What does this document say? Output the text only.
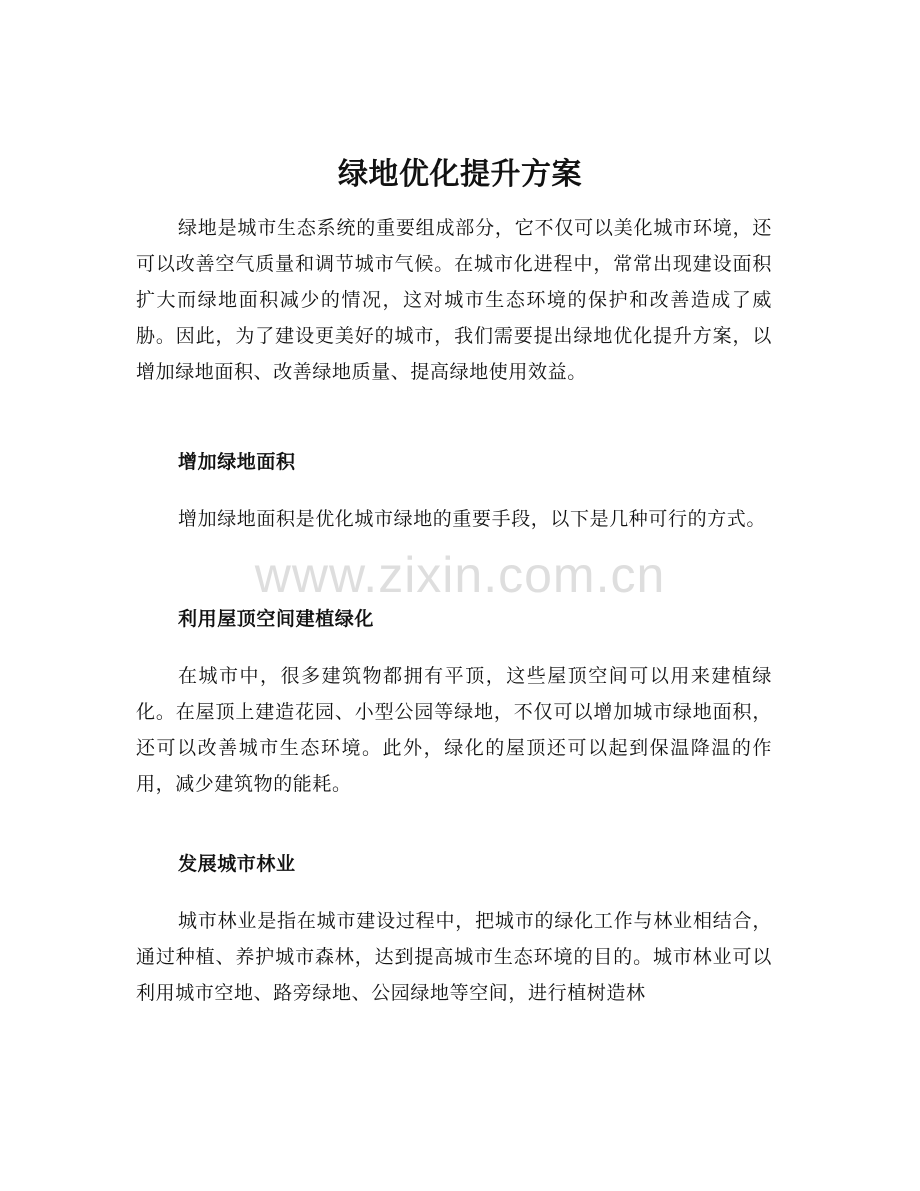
绿地优化提升方案

绿地是城市生态系统的重要组成部分，它不仅可以美化城市环境，还可以改善空气质量和调节城市气候。在城市化进程中，常常出现建设面积扩大而绿地面积减少的情况，这对城市生态环境的保护和改善造成了威胁。因此，为了建设更美好的城市，我们需要提出绿地优化提升方案，以增加绿地面积、改善绿地质量、提高绿地使用效益。

增加绿地面积

增加绿地面积是优化城市绿地的重要手段，以下是几种可行的方式。

利用屋顶空间建植绿化

在城市中，很多建筑物都拥有平顶，这些屋顶空间可以用来建植绿化。在屋顶上建造花园、小型公园等绿地，不仅可以增加城市绿地面积，还可以改善城市生态环境。此外，绿化的屋顶还可以起到保温降温的作用，减少建筑物的能耗。

发展城市林业

城市林业是指在城市建设过程中，把城市的绿化工作与林业相结合，通过种植、养护城市森林，达到提高城市生态环境的目的。城市林业可以利用城市空地、路旁绿地、公园绿地等空间，进行植树造林

www.zixin.com.cn
